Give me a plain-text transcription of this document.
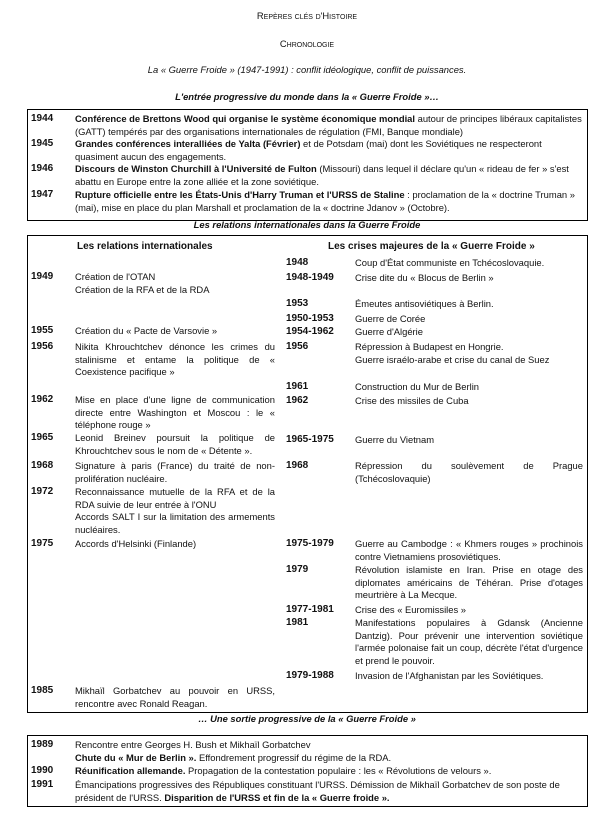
Repères clés d'Histoire
Chronologie
La « Guerre Froide » (1947-1991) : conflit idéologique, conflit de puissances.
L'entrée progressive du monde dans la « Guerre Froide »…
1944 Conférence de Brettons Wood qui organise le système économique mondial autour de principes libéraux capitalistes (GATT) tempérés par des organisations internationales de régulation (FMI, Banque mondiale)
1945 Grandes conférences interalliées de Yalta (Février) et de Potsdam (mai) dont les Soviétiques ne respecteront quasiment aucun des engagements.
1946 Discours de Winston Churchill à l'Université de Fulton (Missouri) dans lequel il déclare qu'un « rideau de fer » s'est abattu en Europe entre la zone alliée et la zone soviétique.
1947 Rupture officielle entre les États-Unis d'Harry Truman et l'URSS de Staline : proclamation de la « doctrine Truman » (mai), mise en place du plan Marshall et proclamation de la « doctrine Jdanov » (Octobre).
Les relations internationales dans la Guerre Froide
Les relations internationales	Les crises majeures de la « Guerre Froide »
1949 Création de l'OTAN
Création de la RFA et de la RDA
1955 Création du « Pacte de Varsovie »
1956 Nikita Khrouchtchev dénonce les crimes du stalinisme et entame la politique de « Coexistence pacifique »
1962 Mise en place d'une ligne de communication directe entre Washington et Moscou : le « téléphone rouge »
1965 Leonid Breinev poursuit la politique de Khrouchtchev sous le nom de « Détente ».
1968 Signature à paris (France) du traité de non-prolifération nucléaire.
1972 Reconnaissance mutuelle de la RFA et de la RDA suivie de leur entrée à l'ONU
Accords SALT I sur la limitation des armements nucléaires.
1975 Accords d'Helsinki (Finlande)
1985 Mikhaïl Gorbatchev au pouvoir en URSS, rencontre avec Ronald Reagan.
1948	Coup d'État communiste en Tchécoslovaquie.
1948-1949 Crise dite du « Blocus de Berlin »
1953	Émeutes antisoviétiques à Berlin.
1950-1953 Guerre de Corée
1954-1962 Guerre d'Algérie
1956	Répression à Budapest en Hongrie.
Guerre israélo-arabe et crise du canal de Suez
1961	Construction du Mur de Berlin
1962	Crise des missiles de Cuba
1965-1975 Guerre du Vietnam
1968	Répression du soulèvement de Prague (Tchécoslovaquie)
1975-1979 Guerre au Cambodge : « Khmers rouges » prochinois contre Vietnamiens prosoviétiques.
1979	Révolution islamiste en Iran. Prise en otage des diplomates américains de Téhéran. Prise d'otages meurtrière à La Mecque.
1977-1981 Crise des « Euromissiles »
1981	Manifestations populaires à Gdansk (Ancienne Dantzig). Pour prévenir une intervention soviétique l'armée polonaise fait un coup, décrète l'état d'urgence et prend le pouvoir.
1979-1988 Invasion de l'Afghanistan par les Soviétiques.
… Une sortie progressive de la « Guerre Froide »
1989 Rencontre entre Georges H. Bush et Mikhaïl Gorbatchev
Chute du « Mur de Berlin ». Effondrement progressif du régime de la RDA.
1990 Réunification allemande. Propagation de la contestation populaire : les « Révolutions de velours ».
1991 Émancipations progressives des Républiques constituant l'URSS. Démission de Mikhaïl Gorbatchev de son poste de président de l'URSS. Disparition de l'URSS et fin de la « Guerre froide ».
